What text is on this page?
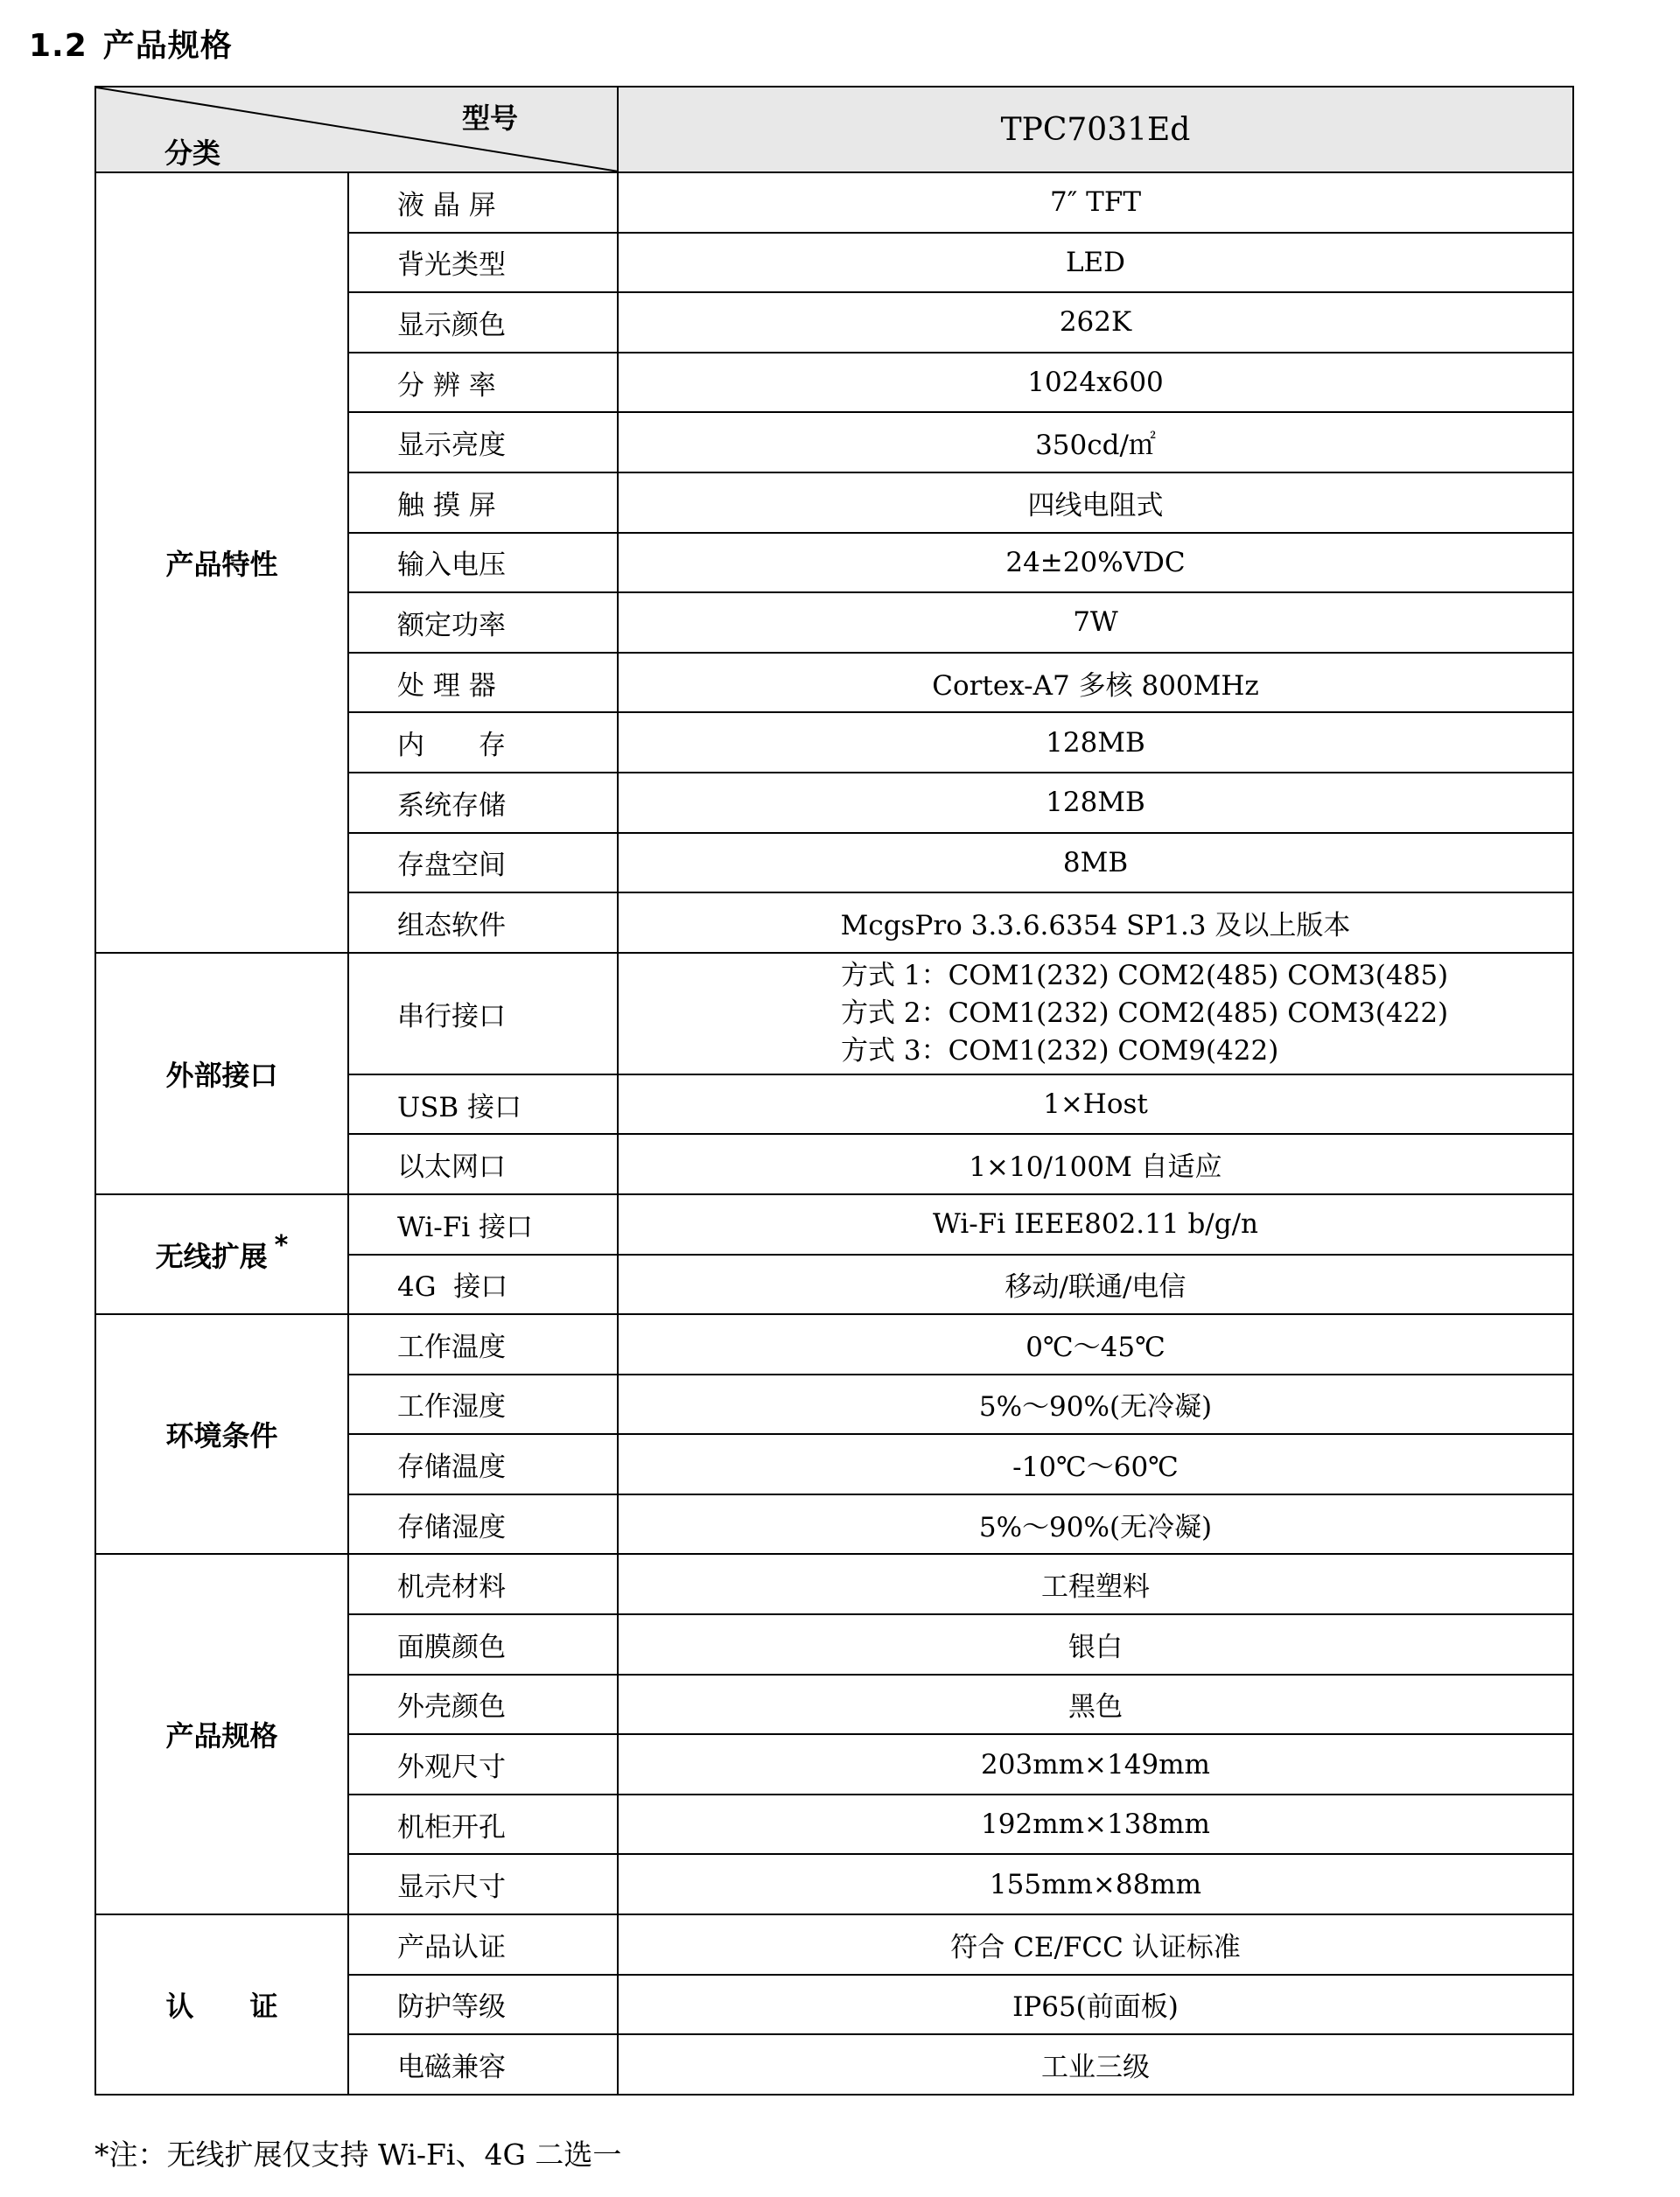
1.2 产品规格
型号
分类		TPC7031Ed
产品特性	液 晶 屏	7″ TFT
	背光类型	LED
	显示颜色	262K
	分 辨 率	1024x600
	显示亮度	350cd/㎡
	触 摸 屏	四线电阻式
	输入电压	24±20%VDC
	额定功率	7W
	处 理 器	Cortex-A7 多核 800MHz
	内　　存	128MB
	系统存储	128MB
	存盘空间	8MB
	组态软件	McgsPro 3.3.6.6354 SP1.3 及以上版本
外部接口	串行接口	方式 1：COM1(232) COM2(485) COM3(485)
方式 2：COM1(232) COM2(485) COM3(422)
方式 3：COM1(232) COM9(422)

	USB 接口	1×Host
	以太网口	1×10/100M 自适应
无线扩展 *	Wi-Fi 接口	Wi-Fi IEEE802.11 b/g/n
	4G  接口	移动/联通/电信
环境条件	工作温度	0℃～45℃
	工作湿度	5%～90%(无冷凝)
	存储温度	-10℃～60℃
	存储湿度	5%～90%(无冷凝)
产品规格	机壳材料	工程塑料
	面膜颜色	银白
	外壳颜色	黑色
	外观尺寸	203mm×149mm
	机柜开孔	192mm×138mm
	显示尺寸	155mm×88mm
认　　证	产品认证	符合 CE/FCC 认证标准
	防护等级	IP65(前面板)
	电磁兼容	工业三级
*注：无线扩展仅支持 Wi-Fi、4G 二选一
